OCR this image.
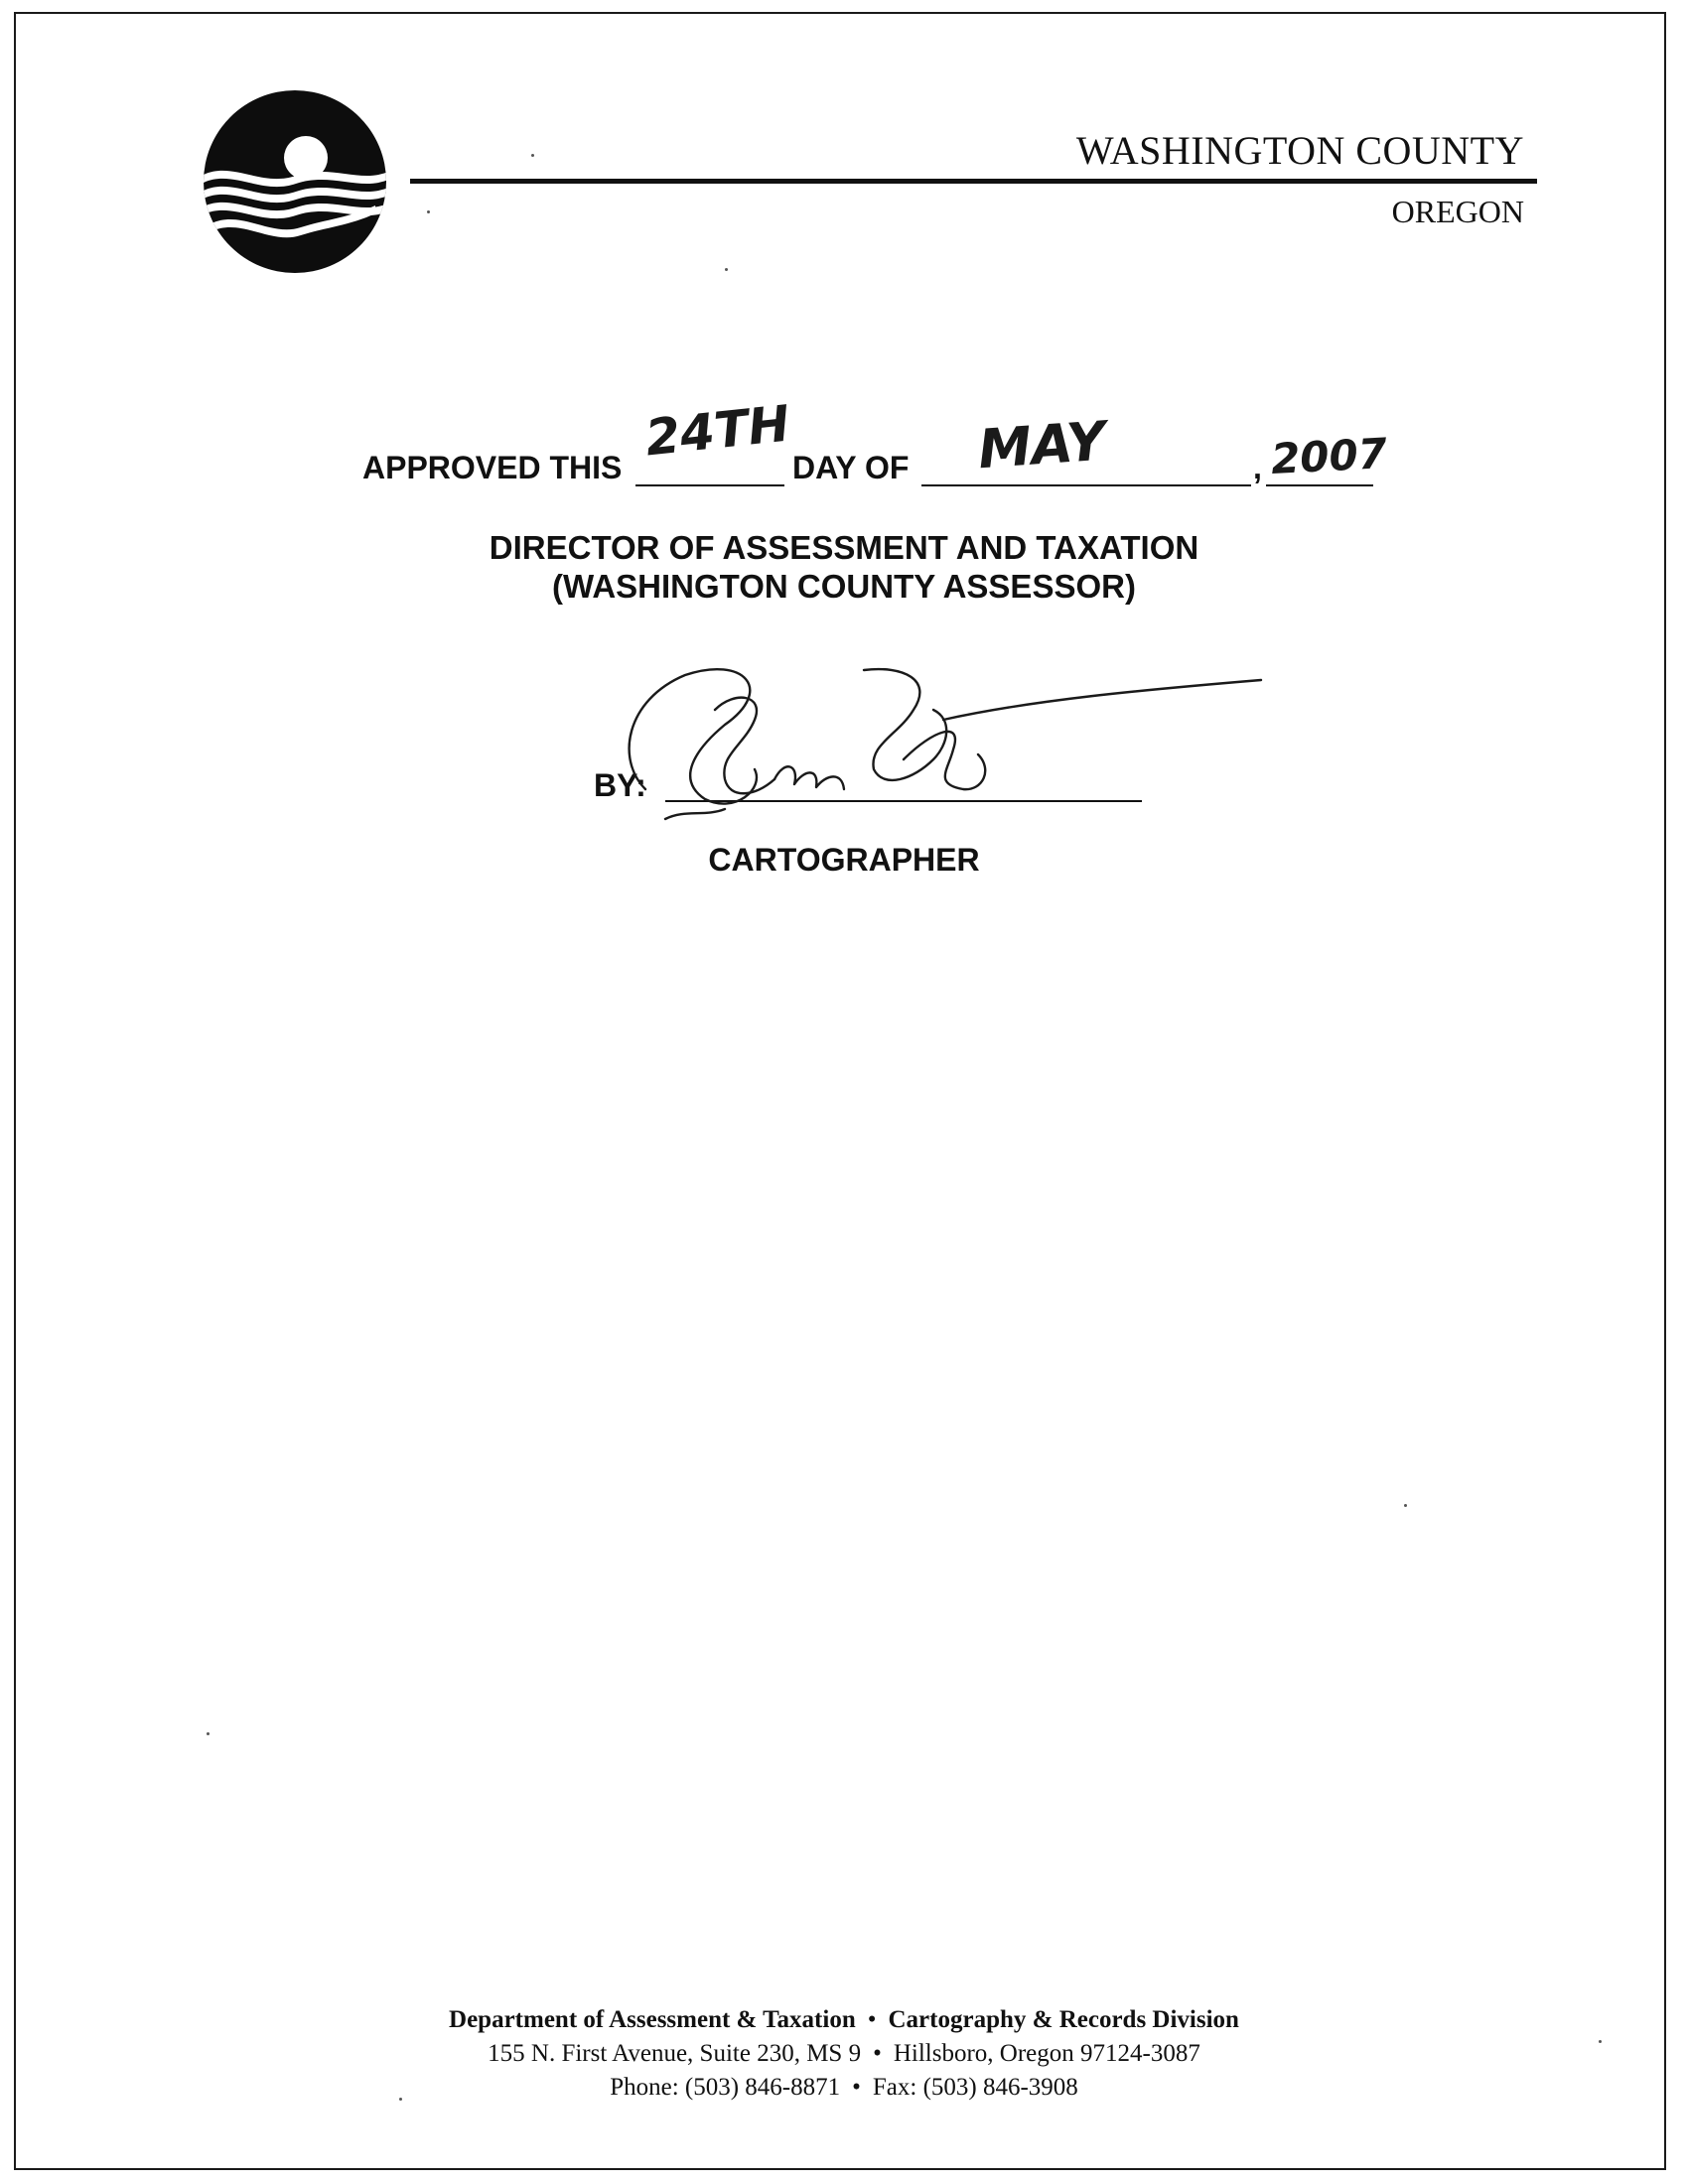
WASHINGTON COUNTY
OREGON
APPROVED THIS
24TH
DAY OF MAY	, 2007
DIRECTOR OF ASSESSMENT AND TAXATION
(WASHINGTON COUNTY ASSESSOR)
BY:
CARTOGRAPHER
Department of Assessment & Taxation • Cartography & Records Division
155 N. First Avenue, Suite 230, MS 9 • Hillsboro, Oregon 97124-3087
Phone: (503) 846-8871 • Fax: (503) 846-3908
